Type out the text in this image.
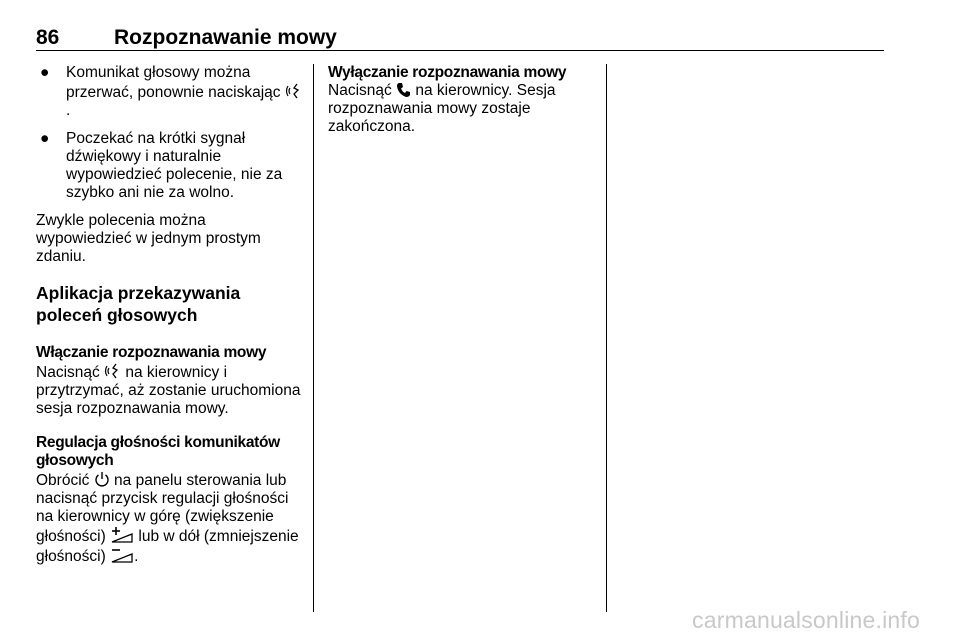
86	Rozpoznawanie mowy
● Komunikat głosowy można przerwać, ponownie naciskając .
● Poczekać na krótki sygnał dźwiękowy i naturalnie wypowiedzieć polecenie, nie za szybko ani nie za wolno.

Zwykle polecenia można wypowiedzieć w jednym prostym zdaniu.

Aplikacja przekazywania poleceń głosowych
Włączanie rozpoznawania mowy

Nacisnąć  na kierownicy i przytrzymać, aż zostanie uruchomiona sesja rozpoznawania mowy.

Regulacja głośności komunikatów głosowych

Obrócić  na panelu sterowania lub nacisnąć przycisk regulacji głośności na kierownicy w górę (zwiększenie głośności)  lub w dół (zmniejszenie głośności) .

Wyłączanie rozpoznawania mowy

Nacisnąć  na kierownicy. Sesja rozpoznawania mowy zostaje zakończona.

carmanualsonline.info
